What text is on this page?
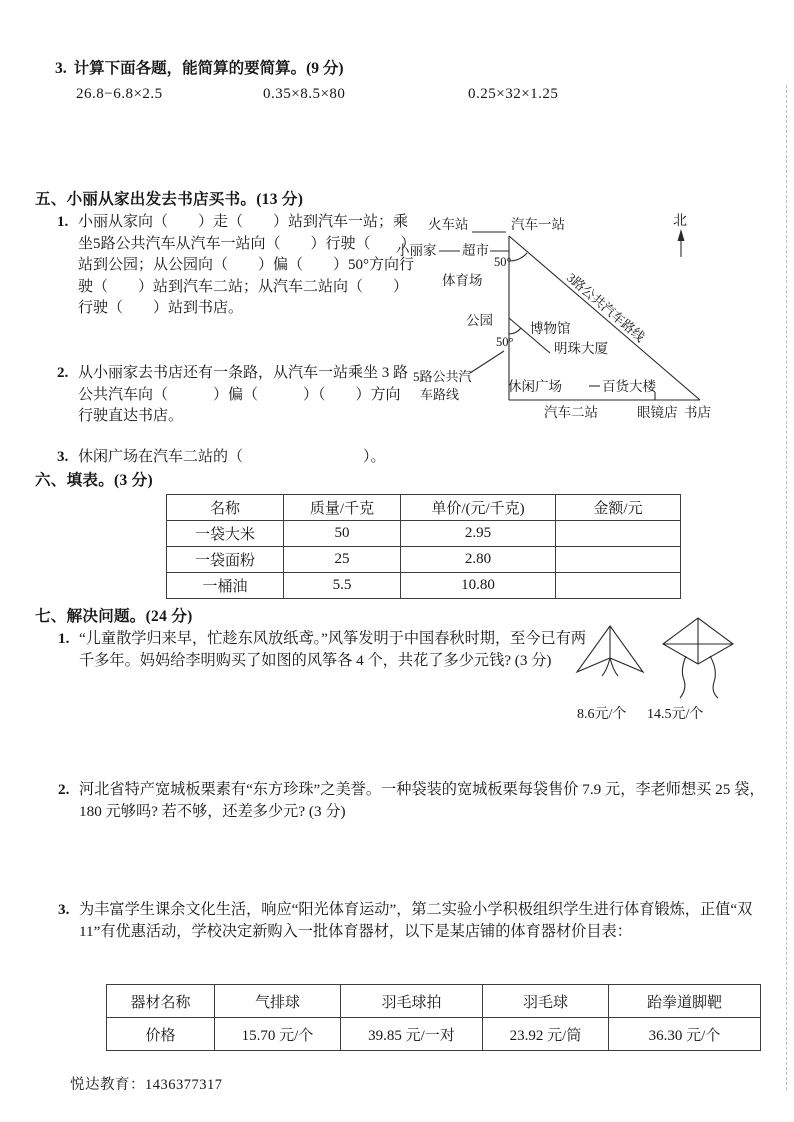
3. 计算下面各题，能简算的要简算。(9 分)
26.8−6.8×2.5	0.35×8.5×80	0.25×32×1.25
五、小丽从家出发去书店买书。(13 分)
1. 小丽从家向（　　）走（　　）站到汽车一站；乘坐5路公共汽车从汽车一站向（　　）行驶（　　）站到公园；从公园向（　　）偏（　　）50°方向行驶（　　）站到汽车二站；从汽车二站向（　　）行驶（　　）站到书店。
2. 从小丽家去书店还有一条路，从汽车一站乘坐 3 路公共汽车向（　　　）偏（　　　）（　　）方向行驶直达书店。
3. 休闲广场在汽车二站的（　　　　　　　　）。
北
火车站	汽车一站
小丽家 超市
50°
体育场
公园
50°
博物馆
明珠大厦
3路公共汽车路线
5路公共汽
车路线
休闲广场	百货大楼
汽车二站	眼镜店 书店
六、填表。(3 分)
名称	质量/千克	单价/(元/千克)	金额/元
一袋大米	50	2.95	
一袋面粉	25	2.80	
一桶油	5.5	10.80	
七、解决问题。(24 分)
1. “儿童散学归来早，忙趁东风放纸鸢。”风筝发明于中国春秋时期，至今已有两千多年。妈妈给李明购买了如图的风筝各 4 个，共花了多少元钱? (3 分)
8.6元/个 14.5元/个
2. 河北省特产宽城板栗素有“东方珍珠”之美誉。一种袋装的宽城板栗每袋售价 7.9 元，李老师想买 25 袋，180 元够吗? 若不够，还差多少元? (3 分)
3. 为丰富学生课余文化生活，响应“阳光体育运动”，第二实验小学积极组织学生进行体育锻炼，正值“双 11”有优惠活动，学校决定新购入一批体育器材，以下是某店铺的体育器材价目表：
器材名称	气排球	羽毛球拍	羽毛球	跆拳道脚靶
价格	15.70 元/个	39.85 元/一对	23.92 元/筒	36.30 元/个
悦达教育：1436377317
